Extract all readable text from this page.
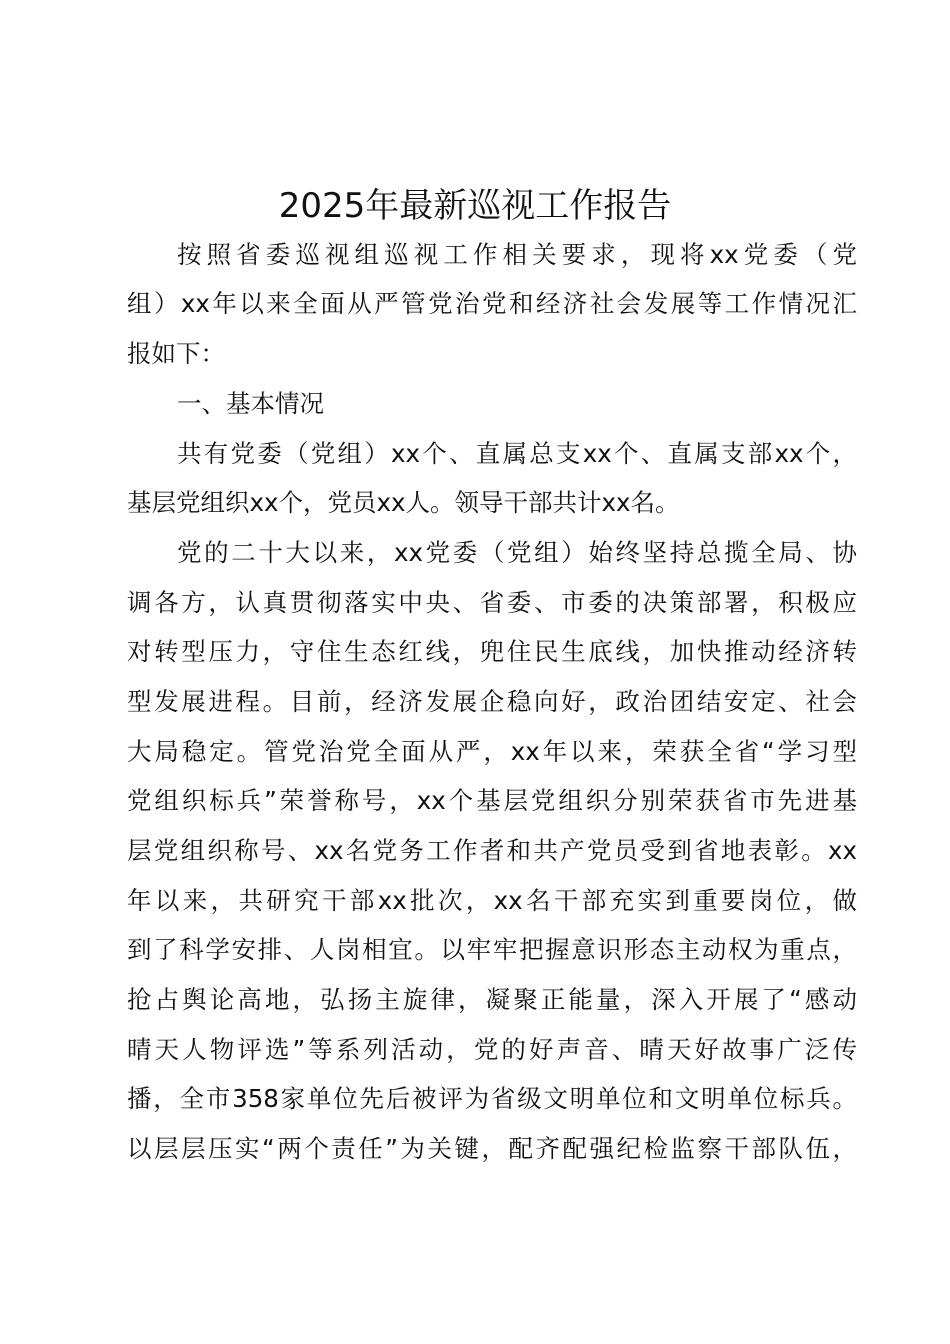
2025年最新巡视工作报告
按照省委巡视组巡视工作相关要求，现将xx党委（党
组）xx年以来全面从严管党治党和经济社会发展等工作情况汇
报如下：
一、基本情况
共有党委（党组）xx个、直属总支xx个、直属支部xx个，
基层党组织xx个，党员xx人。领导干部共计xx名。
党的二十大以来，xx党委（党组）始终坚持总揽全局、协
调各方，认真贯彻落实中央、省委、市委的决策部署，积极应
对转型压力，守住生态红线，兜住民生底线，加快推动经济转
型发展进程。目前，经济发展企稳向好，政治团结安定、社会
大局稳定。管党治党全面从严，xx年以来，荣获全省“学习型
党组织标兵”荣誉称号，xx个基层党组织分别荣获省市先进基
层党组织称号、xx名党务工作者和共产党员受到省地表彰。xx
年以来，共研究干部xx批次，xx名干部充实到重要岗位，做
到了科学安排、人岗相宜。以牢牢把握意识形态主动权为重点，
抢占舆论高地，弘扬主旋律，凝聚正能量，深入开展了“感动
晴天人物评选”等系列活动，党的好声音、晴天好故事广泛传
播，全市358家单位先后被评为省级文明单位和文明单位标兵。
以层层压实“两个责任”为关键，配齐配强纪检监察干部队伍，
